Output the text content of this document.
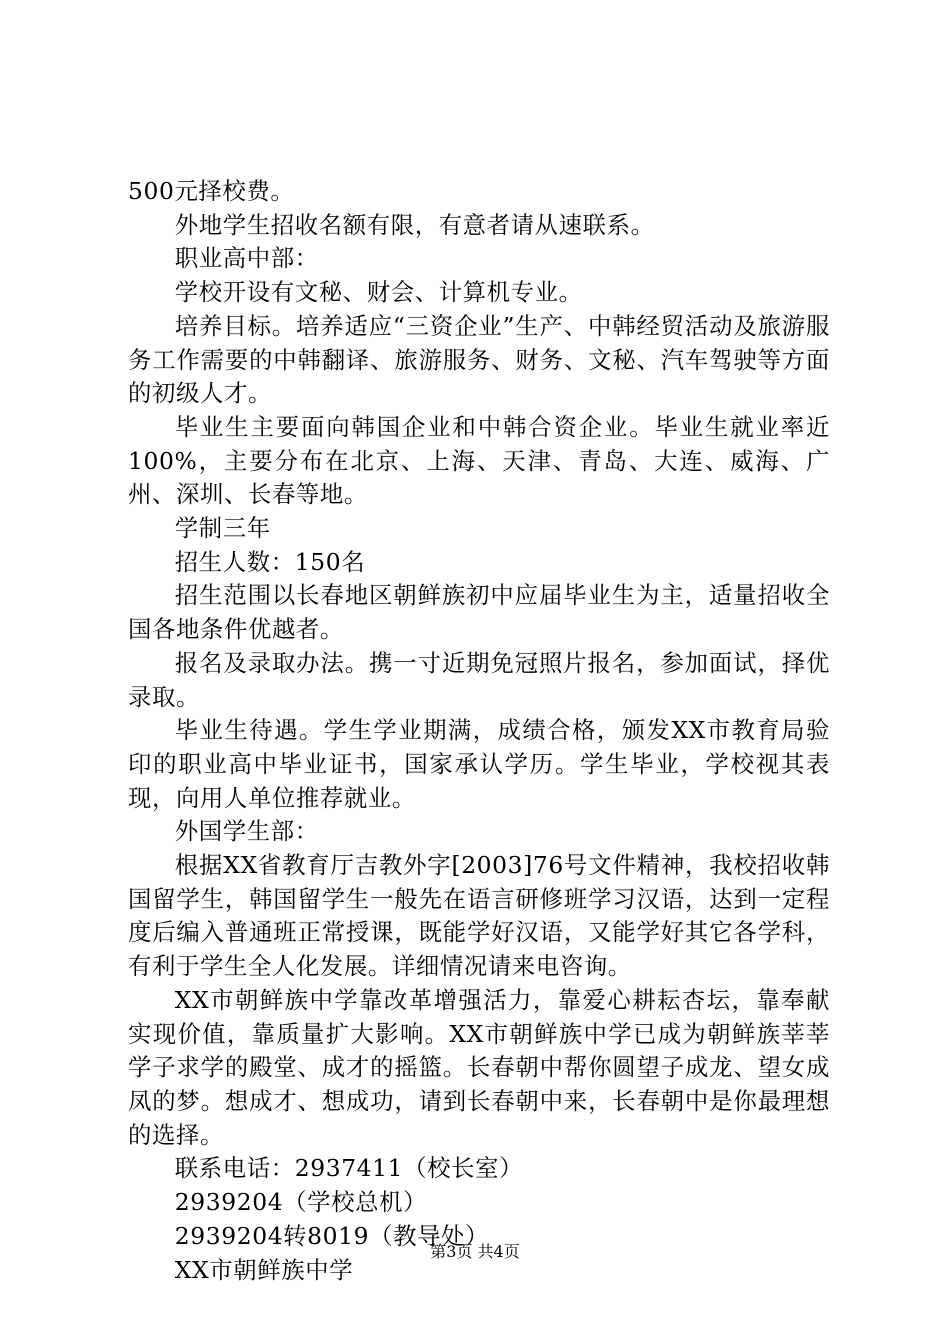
500元择校费。

外地学生招收名额有限，有意者请从速联系。

职业高中部：

学校开设有文秘、财会、计算机专业。

培养目标。培养适应“三资企业”生产、中韩经贸活动及旅游服务工作需要的中韩翻译、旅游服务、财务、文秘、汽车驾驶等方面的初级人才。

毕业生主要面向韩国企业和中韩合资企业。毕业生就业率近100%，主要分布在北京、上海、天津、青岛、大连、威海、广州、深圳、长春等地。

学制三年

招生人数：150名

招生范围以长春地区朝鲜族初中应届毕业生为主，适量招收全国各地条件优越者。

报名及录取办法。携一寸近期免冠照片报名，参加面试，择优录取。

毕业生待遇。学生学业期满，成绩合格，颁发XX市教育局验印的职业高中毕业证书，国家承认学历。学生毕业，学校视其表现，向用人单位推荐就业。

外国学生部：

根据XX省教育厅吉教外字[2003]76号文件精神，我校招收韩国留学生，韩国留学生一般先在语言研修班学习汉语，达到一定程度后编入普通班正常授课，既能学好汉语，又能学好其它各学科，有利于学生全人化发展。详细情况请来电咨询。

XX市朝鲜族中学靠改革增强活力，靠爱心耕耘杏坛，靠奉献实现价值，靠质量扩大影响。XX市朝鲜族中学已成为朝鲜族莘莘学子求学的殿堂、成才的摇篮。长春朝中帮你圆望子成龙、望女成凤的梦。想成才、想成功，请到长春朝中来，长春朝中是你最理想的选择。

联系电话：2937411（校长室）

2939204（学校总机）

2939204转8019（教导处）

XX市朝鲜族中学

第3页 共4页
